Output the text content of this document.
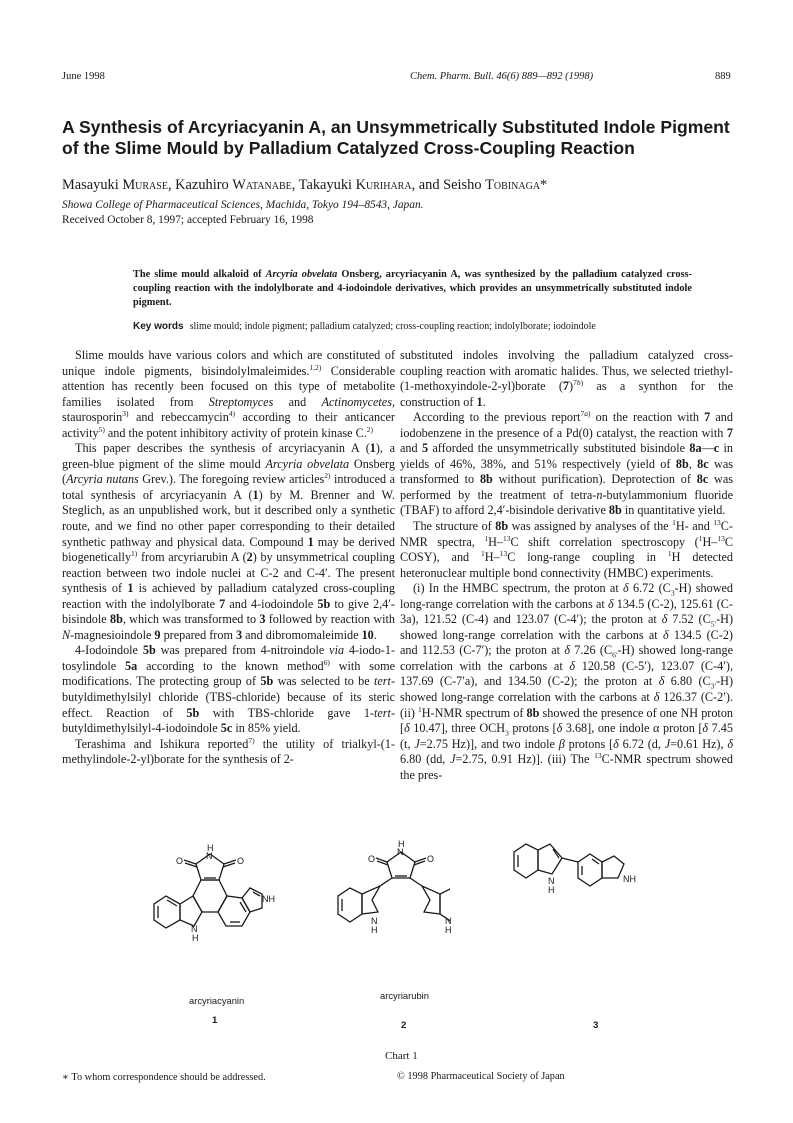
June 1998	Chem. Pharm. Bull. 46(6) 889—892 (1998)	889
A Synthesis of Arcyriacyanin A, an Unsymmetrically Substituted Indole Pigment of the Slime Mould by Palladium Catalyzed Cross-Coupling Reaction
Masayuki Murase, Kazuhiro Watanabe, Takayuki Kurihara, and Seisho Tobinaga*
Showa College of Pharmaceutical Sciences, Machida, Tokyo 194–8543, Japan.
Received October 8, 1997; accepted February 16, 1998
The slime mould alkaloid of Arcyria obvelata Onsberg, arcyriacyanin A, was synthesized by the palladium catalyzed cross-coupling reaction with the indolylborate and 4-iodoindole derivatives, which provides an unsymmetrically substituted indole pigment.
Key words slime mould; indole pigment; palladium catalyzed; cross-coupling reaction; indolylborate; iodoindole

Slime moulds have various colors and which are constituted of unique indole pigments, bisindolylmaleimides.$^{1,2)}$ Considerable attention has recently been focused on this type of metabolite families isolated from Streptomyces and Actinomycetes, staurosporin$^{3)}$ and rebeccamycin$^{4)}$ according to their anticancer activity$^{5)}$ and the potent inhibitory activity of protein kinase C.$^{2)}$

This paper describes the synthesis of arcyriacyanin A (1), a green-blue pigment of the slime mould Arcyria obvelata Onsberg (Arcyria nutans Grev.). The foregoing review articles$^{2)}$ introduced a total synthesis of arcyriacyanin A (1) by M. Brenner and W. Steglich, as an unpublished work, but it described only a synthetic route, and we find no other paper corresponding to their detailed synthetic pathway and physical data. Compound 1 may be derived biogenetically$^{1)}$ from arcyriarubin A (2) by unsymmetrical coupling reaction between two indole nuclei at C-2 and C-4′. The present synthesis of 1 is achieved by palladium catalyzed cross-coupling reaction with the indolylborate 7 and 4-iodoindole 5b to give 2,4′-bisindole 8b, which was transformed to 3 followed by reaction with N-magnesioindole 9 prepared from 3 and dibromomaleimide 10.

4-Iodoindole 5b was prepared from 4-nitroindole via 4-iodo-1-tosylindole 5a according to the known method$^{6)}$ with some modifications. The protecting group of 5b was selected to be tert-butyldimethylsilyl chloride (TBS-chloride) because of its steric effect. Reaction of 5b with TBS-chloride gave 1-tert-butyldimethylsilyl-4-iodoindole 5c in 85% yield.

Terashima and Ishikura reported$^{7)}$ the utility of trialkyl-(1-methylindole-2-yl)borate for the synthesis of 2-

substituted indoles involving the palladium catalyzed cross-coupling reaction with aromatic halides. Thus, we selected triethyl-(1-methoxyindole-2-yl)borate $(7)^{7b)}$ as a synthon for the construction of 1.

According to the previous report$^{7a)}$ on the reaction with 7 and iodobenzene in the presence of a Pd(0) catalyst, the reaction with 7 and 5 afforded the unsymmetrically substituted bisindole 8a—c in yields of 46%, 38%, and 51% respectively (yield of 8b, 8c was transformed to 8b without purification). Deprotection of 8c was performed by the treatment of tetra-n-butylammonium fluoride (TBAF) to afford 2,4′-bisindole derivative 8b in quantitative yield.

The structure of 8b was assigned by analyses of the $^1$H- and $^{13}$C-NMR spectra, $^1$H–$^{13}$C shift correlation spectroscopy ($^1$H–$^{13}$C COSY), and $^1$H–$^{13}$C long-range coupling in $^1$H detected heteronuclear multiple bond connectivity (HMBC) experiments.

(i) In the HMBC spectrum, the proton at δ 6.72 $(C_3-H)$ showed long-range correlation with the carbons at δ 134.5 (C-2), 125.61 (C-3a), 121.52 (C-4) and 123.07 (C-4′); the proton at δ 7.52 $(C_{5'}-H)$ showed long-range correlation with the carbons at δ 134.5 (C-2) and 112.53 (C-7′); the proton at δ 7.26 $(C_{6'}-H)$ showed long-range correlation with the carbons at δ 120.58 (C-5′), 123.07 (C-4′), 137.69 (C-7′a), and 134.50 (C-2); the proton at δ 6.80 $(C_{3'}-H)$ showed long-range correlation with the carbons at δ 126.37 (C-2′). (ii) $^1$H-NMR spectrum of 8b showed the presence of one NH proton [δ 10.47], three $OCH_3$ protons [δ 3.68], one indole α proton [δ 7.45 (t, J=2.75 Hz)], and two indole β protons [δ 6.72 (d, J=0.61 Hz), δ 6.80 (dd, J=2.75, 0.91 Hz)]. (iii) The $^{13}$C-NMR spectrum showed the pres-

H
N
O	O
N
H
NH
H
N
O	O
N
H
NH
N
H
N
H
arcyriacyanin
1
arcyriarubin
2	3
Chart 1
∗ To whom correspondence should be addressed.	© 1998 Pharmaceutical Society of Japan
